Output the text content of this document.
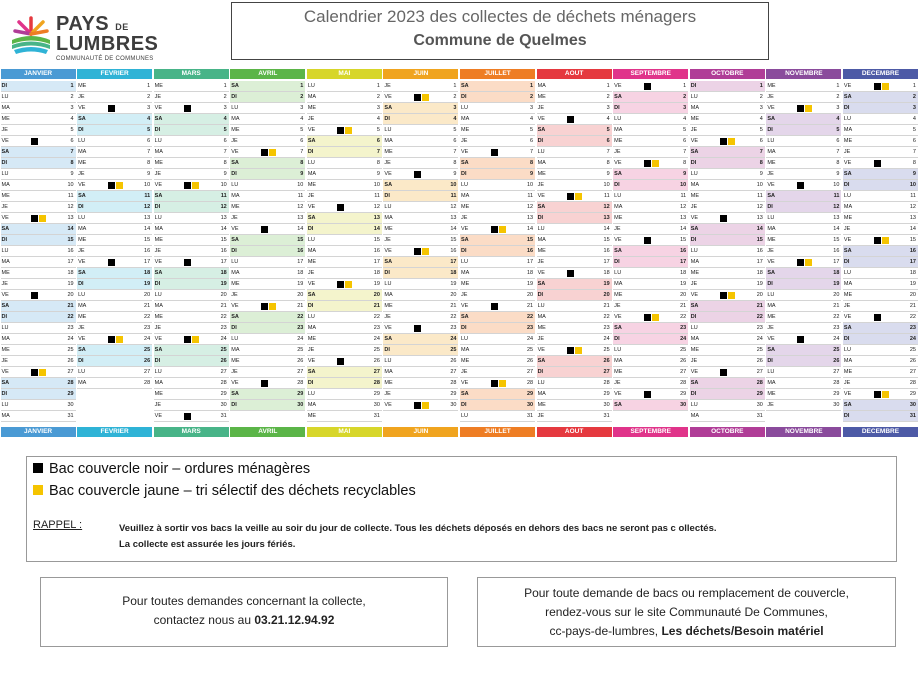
PAYS DE
LUMBRES
COMMUNAUTÉ DE COMMUNES
Calendrier 2023 des collectes de déchets ménagers
Commune de Quelmes
JANVIER
DI	1
LU	2
MA	3
ME	4
JE	5
VE	6
SA	7
DI	8
LU	9
MA	10
ME	11
JE	12
VE	13
SA	14
DI	15
LU	16
MA	17
ME	18
JE	19
VE	20
SA	21
DI	22
LU	23
MA	24
ME	25
JE	26
VE	27
SA	28
DI	29
LU	30
MA	31
JANVIER
FEVRIER
ME	1
JE	2
VE	3
SA	4
DI	5
LU	6
MA	7
ME	8
JE	9
VE	10
SA	11
DI	12
LU	13
MA	14
ME	15
JE	16
VE	17
SA	18
DI	19
LU	20
MA	21
ME	22
JE	23
VE	24
SA	25
DI	26
LU	27
MA	28
FEVRIER
MARS
ME	1
JE	2
VE	3
SA	4
DI	5
LU	6
MA	7
ME	8
JE	9
VE	10
SA	11
DI	12
LU	13
MA	14
ME	15
JE	16
VE	17
SA	18
DI	19
LU	20
MA	21
ME	22
JE	23
VE	24
SA	25
DI	26
LU	27
MA	28
ME	29
JE	30
VE	31
MARS
AVRIL
SA	1
DI	2
LU	3
MA	4
ME	5
JE	6
VE	7
SA	8
DI	9
LU	10
MA	11
ME	12
JE	13
VE	14
SA	15
DI	16
LU	17
MA	18
ME	19
JE	20
VE	21
SA	22
DI	23
LU	24
MA	25
ME	26
JE	27
VE	28
SA	29
DI	30
AVRIL
MAI
LU	1
MA	2
ME	3
JE	4
VE	5
SA	6
DI	7
LU	8
MA	9
ME	10
JE	11
VE	12
SA	13
DI	14
LU	15
MA	16
ME	17
JE	18
VE	19
SA	20
DI	21
LU	22
MA	23
ME	24
JE	25
VE	26
SA	27
DI	28
LU	29
MA	30
ME	31
MAI
JUIN
JE	1
VE	2
SA	3
DI	4
LU	5
MA	6
ME	7
JE	8
VE	9
SA	10
DI	11
LU	12
MA	13
ME	14
JE	15
VE	16
SA	17
DI	18
LU	19
MA	20
ME	21
JE	22
VE	23
SA	24
DI	25
LU	26
MA	27
ME	28
JE	29
VE	30
JUIN
JUILLET
SA	1
DI	2
LU	3
MA	4
ME	5
JE	6
VE	7
SA	8
DI	9
LU	10
MA	11
ME	12
JE	13
VE	14
SA	15
DI	16
LU	17
MA	18
ME	19
JE	20
VE	21
SA	22
DI	23
LU	24
MA	25
ME	26
JE	27
VE	28
SA	29
DI	30
LU	31
JUILLET
AOUT
MA	1
ME	2
JE	3
VE	4
SA	5
DI	6
LU	7
MA	8
ME	9
JE	10
VE	11
SA	12
DI	13
LU	14
MA	15
ME	16
JE	17
VE	18
SA	19
DI	20
LU	21
MA	22
ME	23
JE	24
VE	25
SA	26
DI	27
LU	28
MA	29
ME	30
JE	31
AOUT
SEPTEMBRE
VE	1
SA	2
DI	3
LU	4
MA	5
ME	6
JE	7
VE	8
SA	9
DI	10
LU	11
MA	12
ME	13
JE	14
VE	15
SA	16
DI	17
LU	18
MA	19
ME	20
JE	21
VE	22
SA	23
DI	24
LU	25
MA	26
ME	27
JE	28
VE	29
SA	30
SEPTEMBRE
OCTOBRE
DI	1
LU	2
MA	3
ME	4
JE	5
VE	6
SA	7
DI	8
LU	9
MA	10
ME	11
JE	12
VE	13
SA	14
DI	15
LU	16
MA	17
ME	18
JE	19
VE	20
SA	21
DI	22
LU	23
MA	24
ME	25
JE	26
VE	27
SA	28
DI	29
LU	30
MA	31
OCTOBRE
NOVEMBRE
ME	1
JE	2
VE	3
SA	4
DI	5
LU	6
MA	7
ME	8
JE	9
VE	10
SA	11
DI	12
LU	13
MA	14
ME	15
JE	16
VE	17
SA	18
DI	19
LU	20
MA	21
ME	22
JE	23
VE	24
SA	25
DI	26
LU	27
MA	28
ME	29
JE	30
NOVEMBRE
DECEMBRE
VE	1
SA	2
DI	3
LU	4
MA	5
ME	6
JE	7
VE	8
SA	9
DI	10
LU	11
MA	12
ME	13
JE	14
VE	15
SA	16
DI	17
LU	18
MA	19
ME	20
JE	21
VE	22
SA	23
DI	24
LU	25
MA	26
ME	27
JE	28
VE	29
SA	30
DI	31
DECEMBRE
Bac couvercle noir – ordures ménagères
Bac couvercle jaune – tri sélectif des déchets recyclables
RAPPEL :	Veuillez à sortir vos bacs la veille au soir du jour de collecte. Tous les déchets déposés en dehors des bacs ne seront pas c ollectés.
La collecte est assurée les jours fériés.
Pour toutes demandes concernant la collecte,
contactez nous au 03.21.12.94.92
Pour toute demande de bacs ou remplacement de couvercle,
rendez-vous sur le site Communauté De Communes,
cc-pays-de-lumbres, Les déchets/Besoin matériel
